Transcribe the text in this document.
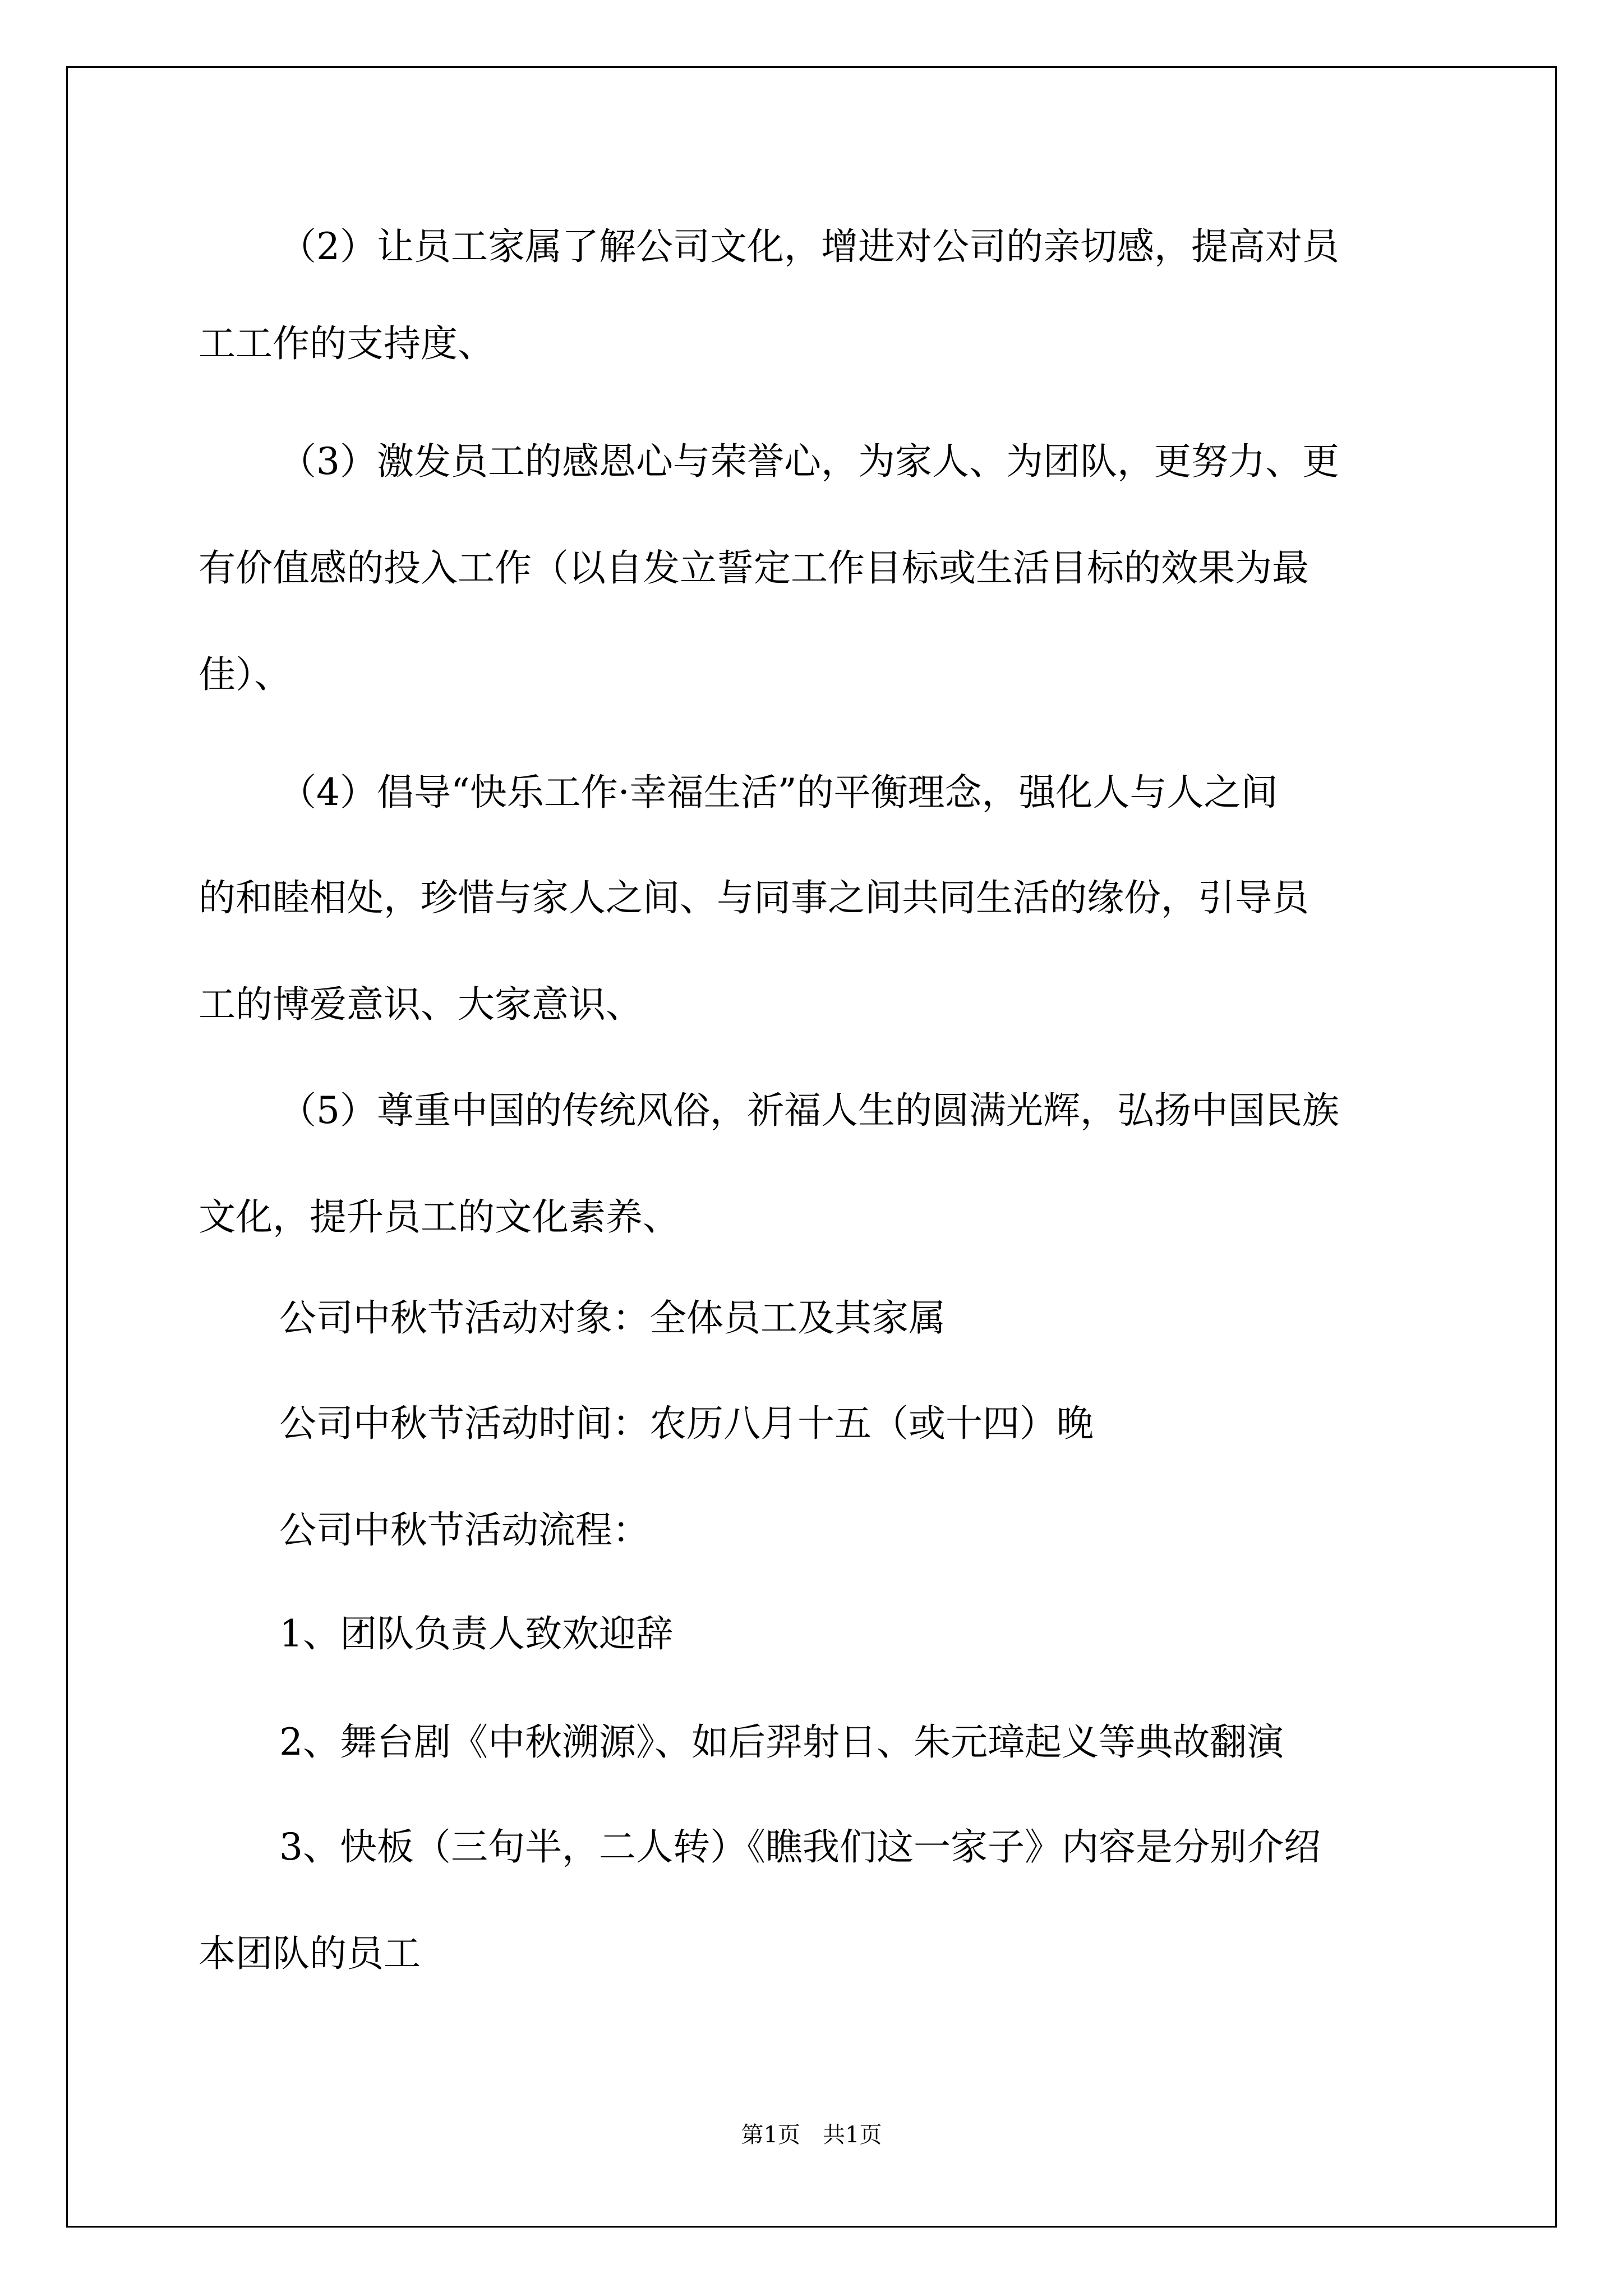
（2）让员工家属了解公司文化，增进对公司的亲切感，提高对员
工工作的支持度、
（3）激发员工的感恩心与荣誉心，为家人、为团队，更努力、更
有价值感的投入工作（以自发立誓定工作目标或生活目标的效果为最
佳）、
（4）倡导“快乐工作·幸福生活”的平衡理念，强化人与人之间
的和睦相处，珍惜与家人之间、与同事之间共同生活的缘份，引导员
工的博爱意识、大家意识、
（5）尊重中国的传统风俗，祈福人生的圆满光辉，弘扬中国民族
文化，提升员工的文化素养、
公司中秋节活动对象：全体员工及其家属
公司中秋节活动时间：农历八月十五（或十四）晚
公司中秋节活动流程：
1、团队负责人致欢迎辞
2、舞台剧《中秋溯源》、如后羿射日、朱元璋起义等典故翻演
3、快板（三句半，二人转）《瞧我们这一家子》内容是分别介绍
本团队的员工
第1页　共1页
